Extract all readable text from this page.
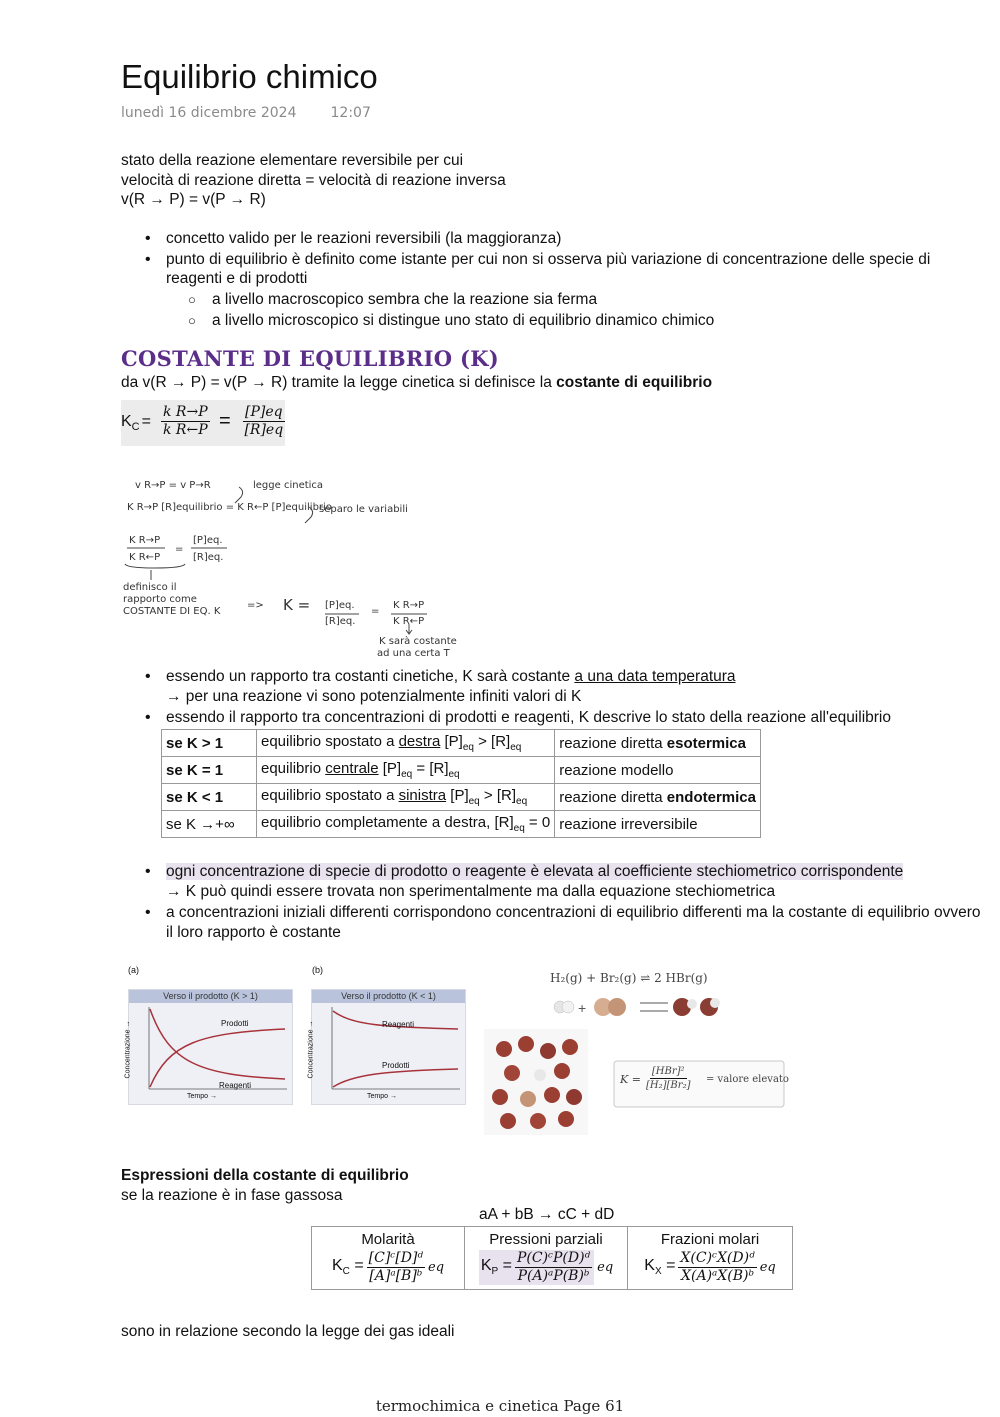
Equilibrio chimico
lunedì 16 dicembre 2024 12:07
stato della reazione elementare reversibile per cui
velocità di reazione diretta = velocità di reazione inversa
v(R → P) = v(P → R)
• concetto valido per le reazioni reversibili (la maggioranza)
• punto di equilibrio è definito come istante per cui non si osserva più variazione di concentrazione delle specie di reagenti e di prodotti
○ a livello macroscopico sembra che la reazione sia ferma
○ a livello microscopico si distingue uno stato di equilibrio dinamico chimico
COSTANTE DI EQUILIBRIO (K)
da v(R → P) = v(P → R) tramite la legge cinetica si definisce la costante di equilibrio
$K_C = \frac{\text{k R→P}}{\text{k R←P}} = \frac{[P]eq}{[R]eq}$
v R→P = v P→R	legge cinetica
K R→P [R]equilibrio = K R←P [P]equilibrio
separo le variabili
K R→P
K R←P
=
[P]eq.
[R]eq.
definisco il
rapporto come
COSTANTE DI EQ. K
=> K = [P]eq.
[R]eq.
=
K R→P
K R←P
K sarà costante
ad una certa T
• essendo un rapporto tra costanti cinetiche, K sarà costante a una data temperatura
→ per una reazione vi sono potenzialmente infiniti valori di K
• essendo il rapporto tra concentrazioni di prodotti e reagenti, K descrive lo stato della reazione all'equilibrio
se K > 1	equilibrio spostato a destra $[P]_{eq} > [R]_{eq}$	reazione diretta esotermica
se K = 1	equilibrio centrale $[P]_{eq} = [R]_{eq}$	reazione modello
se K < 1	equilibrio spostato a sinistra $[P]_{eq} > [R]_{eq}$	reazione diretta endotermica
se K →+∞	equilibrio completamente a destra, $[R]_{eq} = 0$	reazione irreversibile
• ogni concentrazione di specie di prodotto o reagente è elevata al coefficiente stechiometrico corrispondente
→ K può quindi essere trovata non sperimentalmente ma dalla equazione stechiometrica
• a concentrazioni iniziali differenti corrispondono concentrazioni di equilibrio differenti ma la costante di equilibrio ovvero il loro rapporto è costante
(a)
Verso il prodotto (K > 1)
Prodotti
Reagenti
Concentrazione →
Tempo →
(b)
Verso il prodotto (K < 1)
Reagenti
Prodotti
Concentrazione →
Tempo →
H₂(g) + Br₂(g) ⇌ 2 HBr(g)
+
K =
[HBr]²
[H₂][Br₂]
= valore elevato
Espressioni della costante di equilibrio
se la reazione è in fase gassosa
aA + bB → cC + dD
Molarità
$K_C = \frac{\text{[C]ᶜ[D]ᵈ}}{\text{[A]ᵃ[B]ᵇ}}$ eq

Pressioni parziali
$K_P = \frac{\text{P(C)ᶜP(D)ᵈ}}{\text{P(A)ᵃP(B)ᵇ}}$ eq

Frazioni molari
$K_X = \frac{\text{X(C)ᶜX(D)ᵈ}}{\text{X(A)ᵃX(B)ᵇ}}$ eq
sono in relazione secondo la legge dei gas ideali
termochimica e cinetica Page 61
